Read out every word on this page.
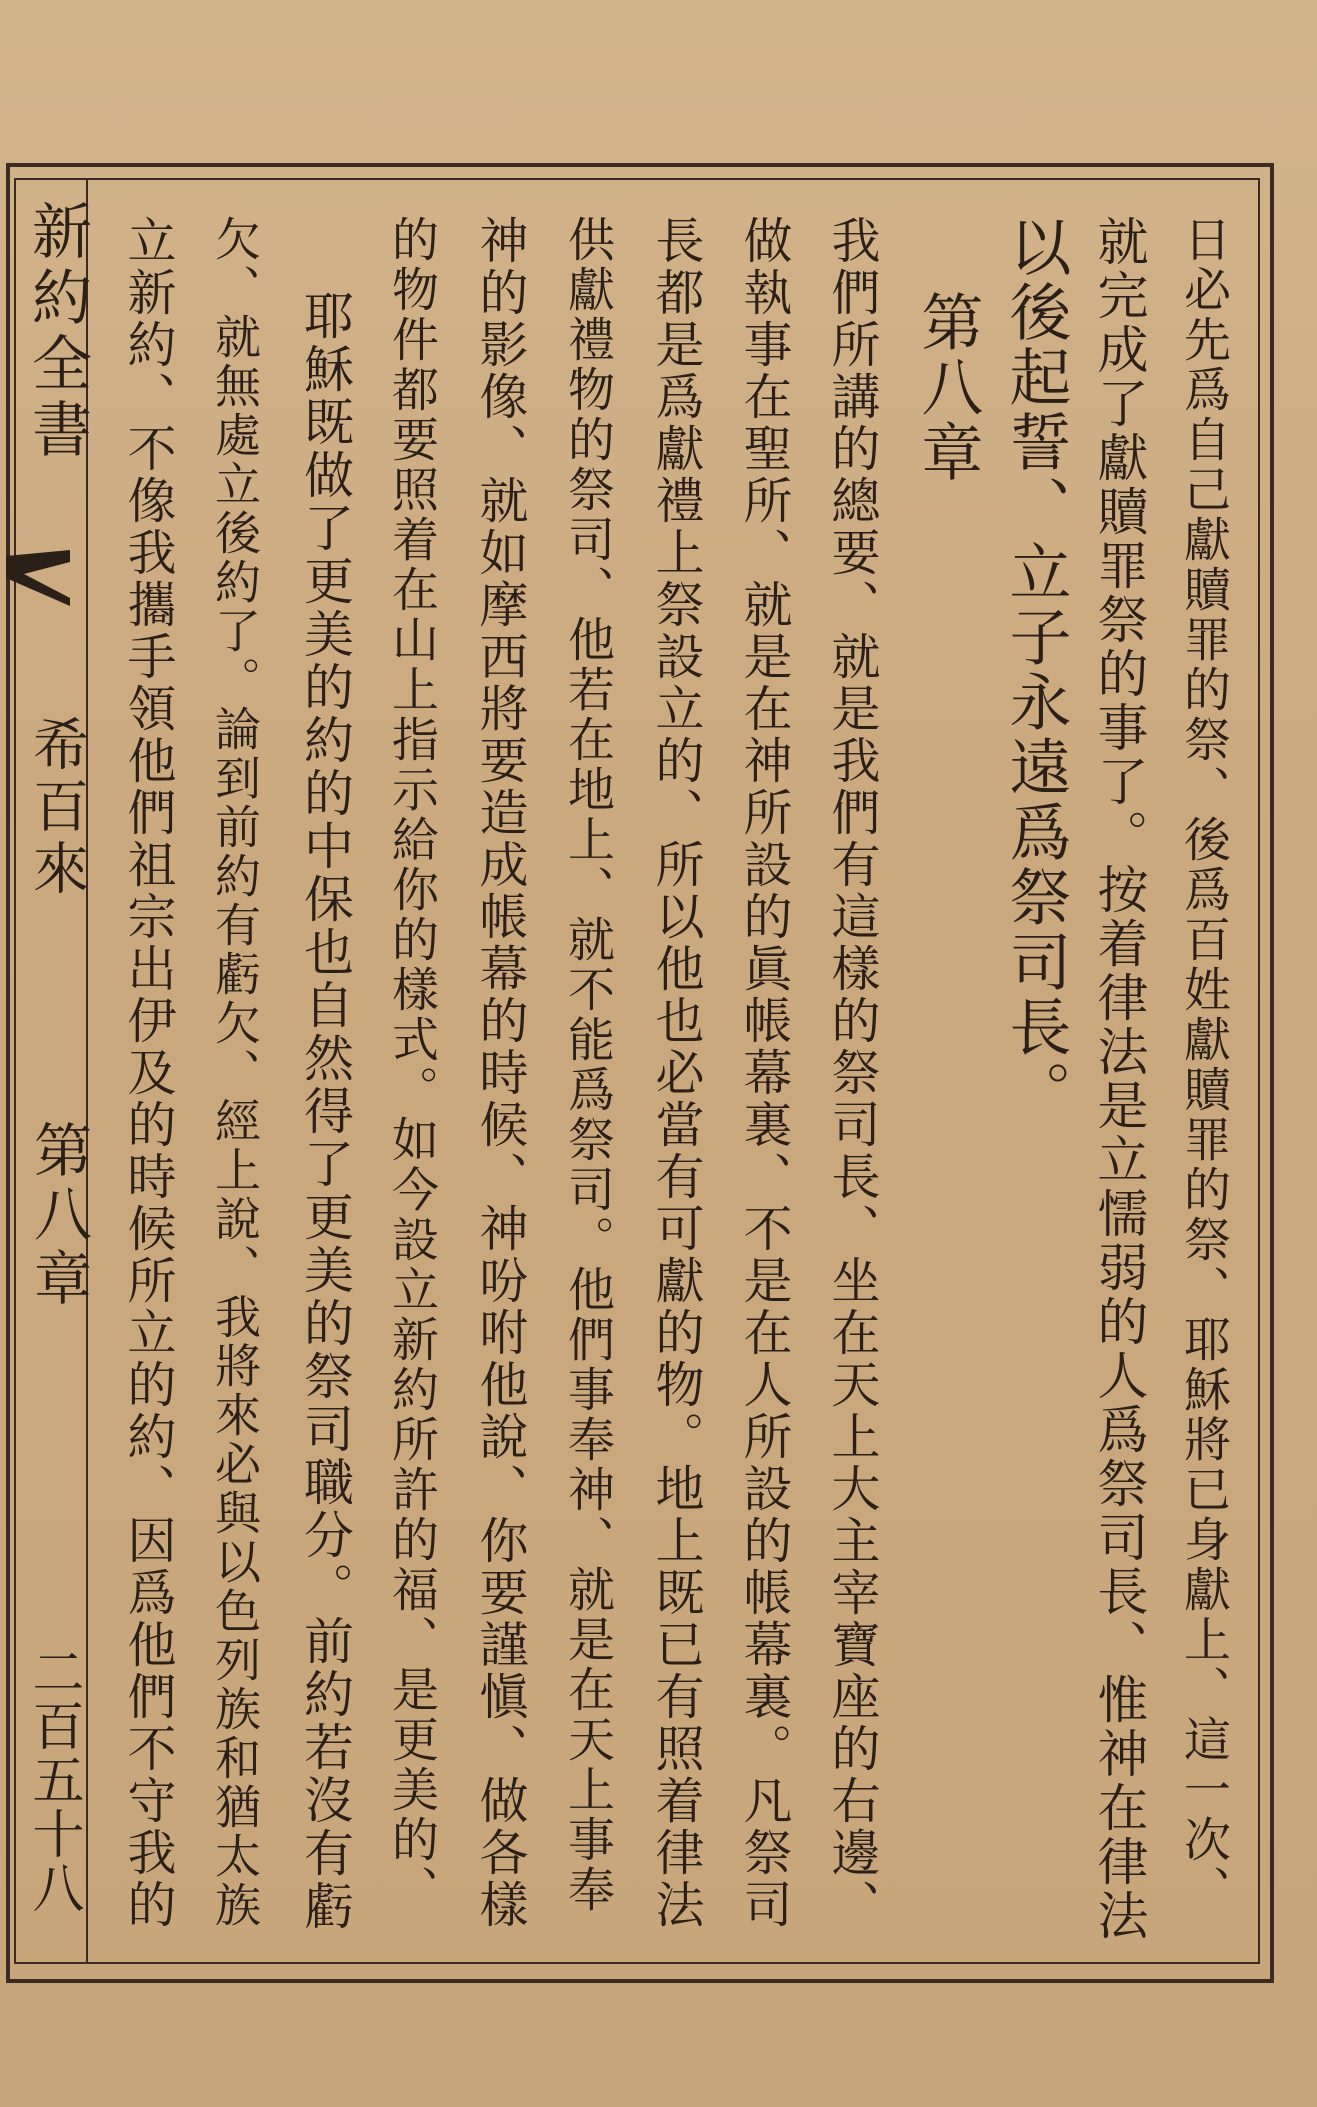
新約全書
希百來
第八章
二百五十八	日必先爲自己獻贖罪的祭、後爲百姓獻贖罪的祭、耶穌將已身獻上、這一次、
就完成了獻贖罪祭的事了。按着律法是立懦弱的人爲祭司長、惟神在律法
以後起誓、立子永遠爲祭司長。
第八章
我們所講的總要、就是我們有這樣的祭司長、坐在天上大主宰寶座的右邊、
做執事在聖所、就是在神所設的眞帳幕裏、不是在人所設的帳幕裏。凡祭司
長都是爲獻禮上祭設立的、所以他也必當有可獻的物。地上既已有照着律法
供獻禮物的祭司、他若在地上、就不能爲祭司。他們事奉神、就是在天上事奉
神的影像、就如摩西將要造成帳幕的時候、神吩咐他說、你要謹愼、做各樣
的物件都要照着在山上指示給你的樣式。如今設立新約所許的福、是更美的、
耶穌既做了更美的約的中保也自然得了更美的祭司職分。前約若沒有虧
欠、就無處立後約了。論到前約有虧欠、經上說、我將來必與以色列族和猶太族
立新約、不像我攜手領他們祖宗出伊及的時候所立的約、因爲他們不守我的
